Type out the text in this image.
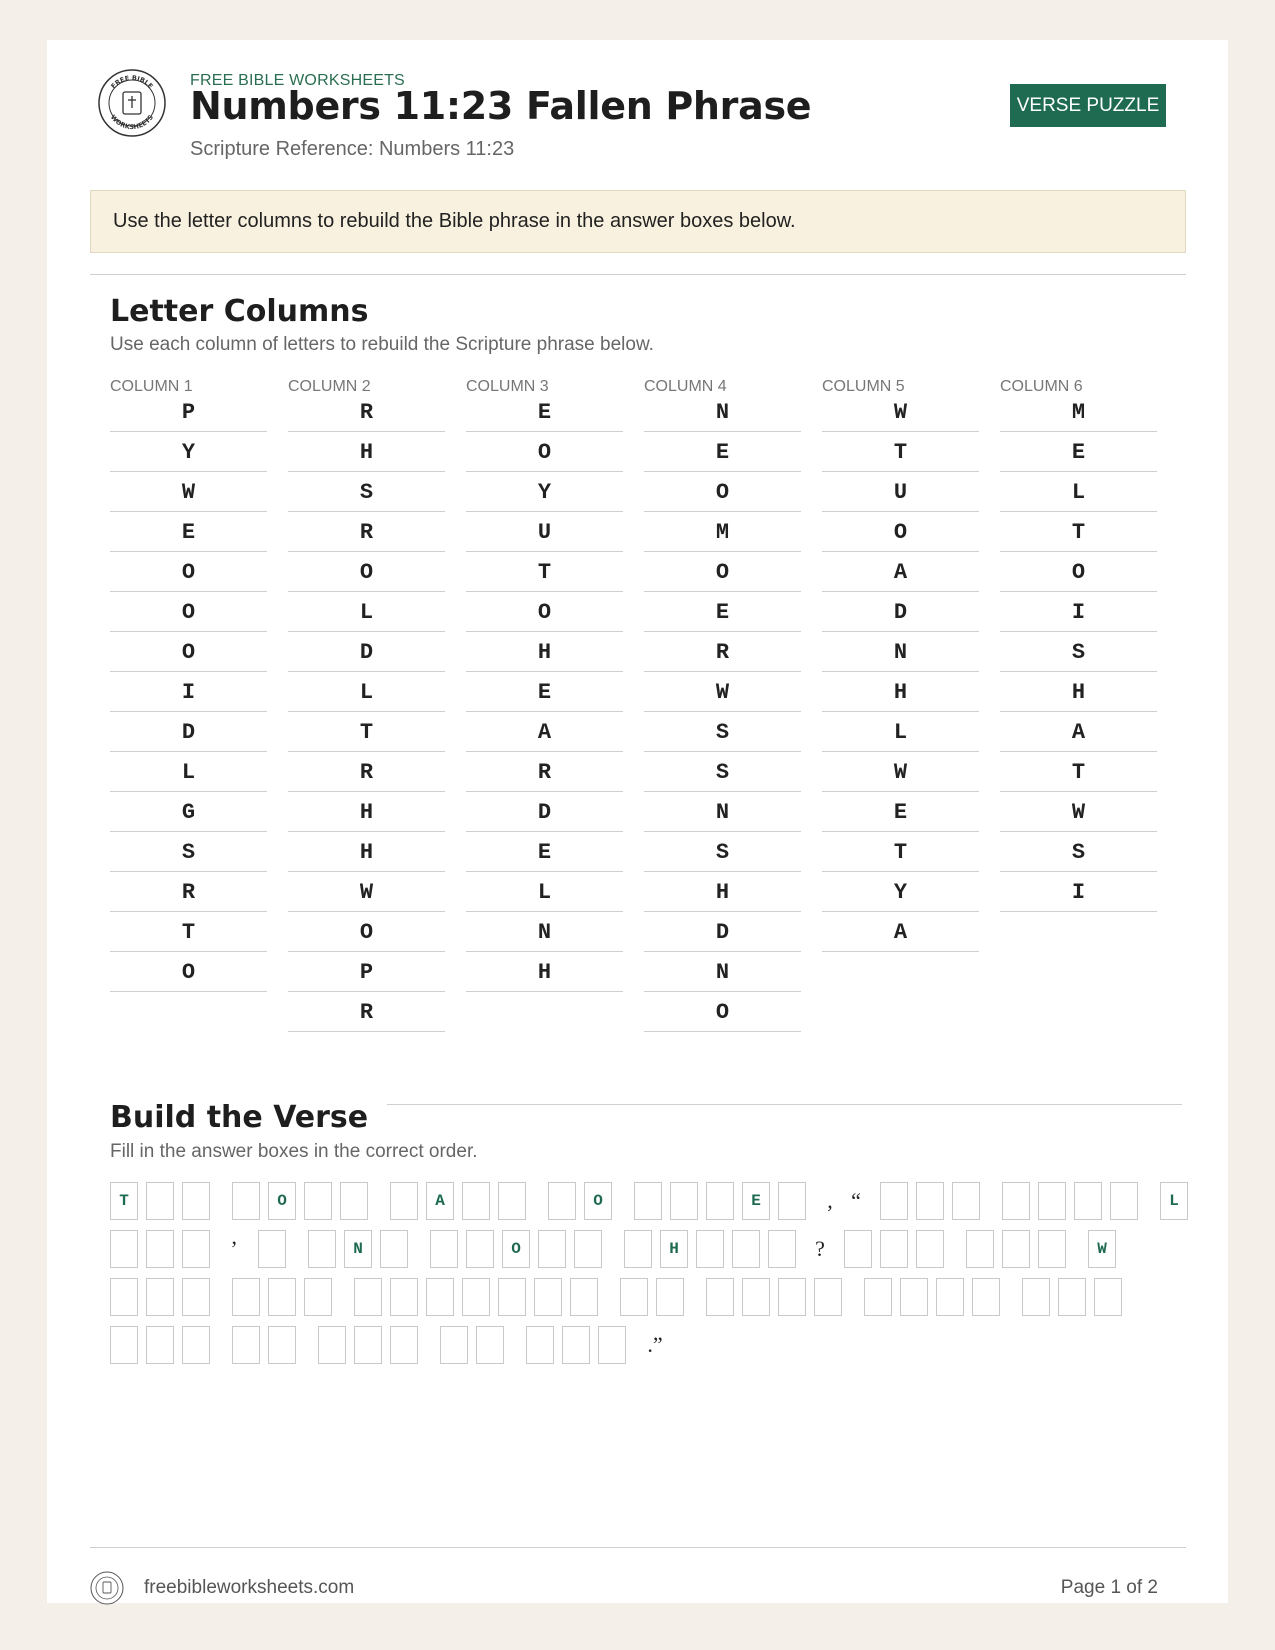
FREE BIBLE
WORKSHEETS
FREE BIBLE WORKSHEETS
Numbers 11:23 Fallen Phrase
Scripture Reference: Numbers 11:23
VERSE PUZZLE
Use the letter columns to rebuild the Bible phrase in the answer boxes below.
Letter Columns
Use each column of letters to rebuild the Scripture phrase below.
COLUMN 1
P
Y
W
E
O
O
O
I
D
L
G
S
R
T
O
COLUMN 2
R
H
S
R
O
L
D
L
T
R
H
H
W
O
P
R
COLUMN 3
E
O
Y
U
T
O
H
E
A
R
D
E
L
N
H
COLUMN 4
N
E
O
M
O
E
R
W
S
S
N
S
H
D
N
O
COLUMN 5
W
T
U
O
A
D
N
H
L
W
E
T
Y
A
COLUMN 6
M
E
L
T
O
I
S
H
A
T
W
S
I
Build the Verse
Fill in the answer boxes in the correct order.
T	O	A	O	E	, “	L
’	N	O	H	?	W
.”
freebibleworksheets.com	Page 1 of 2
